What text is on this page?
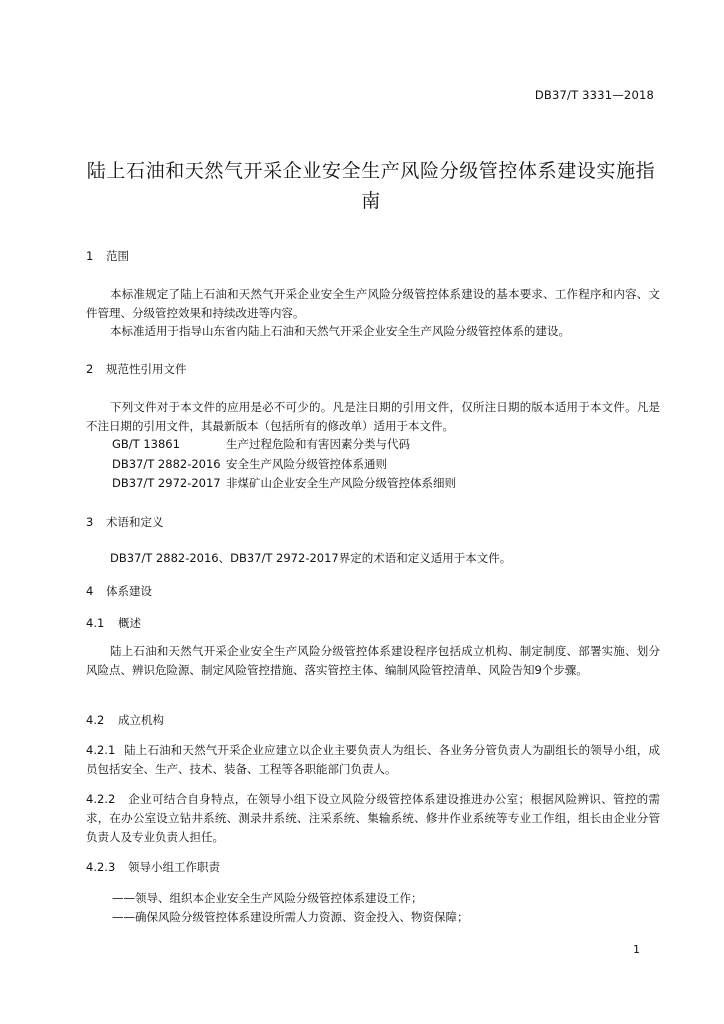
DB37/T 3331—2018
陆上石油和天然气开采企业安全生产风险分级管控体系建设实施指
南
1 范围
本标准规定了陆上石油和天然气开采企业安全生产风险分级管控体系建设的基本要求、工作程序和内容、文件管理、分级管控效果和持续改进等内容。
本标准适用于指导山东省内陆上石油和天然气开采企业安全生产风险分级管控体系的建设。
2 规范性引用文件
下列文件对于本文件的应用是必不可少的。凡是注日期的引用文件，仅所注日期的版本适用于本文件。凡是不注日期的引用文件，其最新版本（包括所有的修改单）适用于本文件。
GB/T 13861	生产过程危险和有害因素分类与代码
DB37/T 2882-2016 安全生产风险分级管控体系通则
DB37/T 2972-2017 非煤矿山企业安全生产风险分级管控体系细则
3 术语和定义
DB37/T 2882-2016、DB37/T 2972-2017界定的术语和定义适用于本文件。
4 体系建设
4.1 概述
陆上石油和天然气开采企业安全生产风险分级管控体系建设程序包括成立机构、制定制度、部署实施、划分风险点、辨识危险源、制定风险管控措施、落实管控主体、编制风险管控清单、风险告知9个步骤。
4.2 成立机构
4.2.1 陆上石油和天然气开采企业应建立以企业主要负责人为组长、各业务分管负责人为副组长的领导小组，成员包括安全、生产、技术、装备、工程等各职能部门负责人。
4.2.2 企业可结合自身特点，在领导小组下设立风险分级管控体系建设推进办公室；根据风险辨识、管控的需求，在办公室设立钻井系统、测录井系统、注采系统、集输系统、修井作业系统等专业工作组，组长由企业分管负责人及专业负责人担任。
4.2.3 领导小组工作职责
——领导、组织本企业安全生产风险分级管控体系建设工作；
——确保风险分级管控体系建设所需人力资源、资金投入、物资保障；
1
